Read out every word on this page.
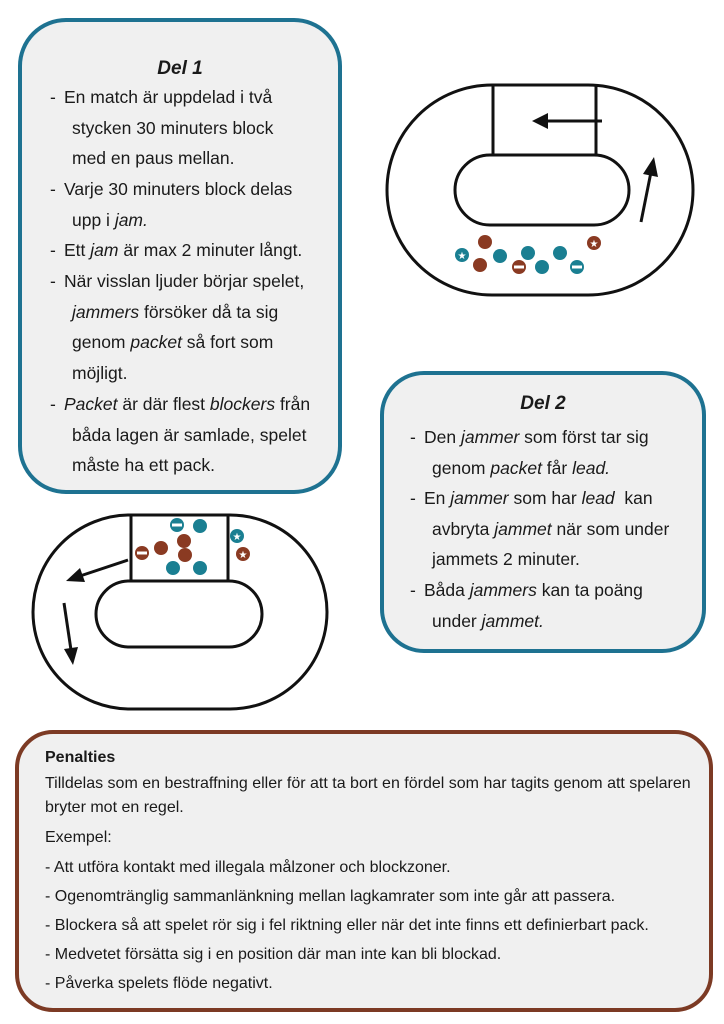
Del 1
- En match är uppdelad i två
stycken 30 minuters block
med en paus mellan.
- Varje 30 minuters block delas
upp i jam.
- Ett jam är max 2 minuter långt.
- När visslan ljuder börjar spelet,
jammers försöker då ta sig
genom packet så fort som
möjligt.
- Packet är där flest blockers från
båda lagen är samlade, spelet
måste ha ett pack.
Del 2
- Den jammer som först tar sig
genom packet får lead.
- En jammer som har lead  kan
avbryta jammet när som under
jammets 2 minuter.
- Båda jammers kan ta poäng
under jammet.
Penalties
Tilldelas som en bestraffning eller för att ta bort en fördel som har tagits genom att spelaren
bryter mot en regel.
Exempel:
- Att utföra kontakt med illegala målzoner och blockzoner.
- Ogenomtränglig sammanlänkning mellan lagkamrater som inte går att passera.
- Blockera så att spelet rör sig i fel riktning eller när det inte finns ett definierbart pack.
- Medvetet försätta sig i en position där man inte kan bli blockad.
- Påverka spelets flöde negativt.
★
★
★
★
